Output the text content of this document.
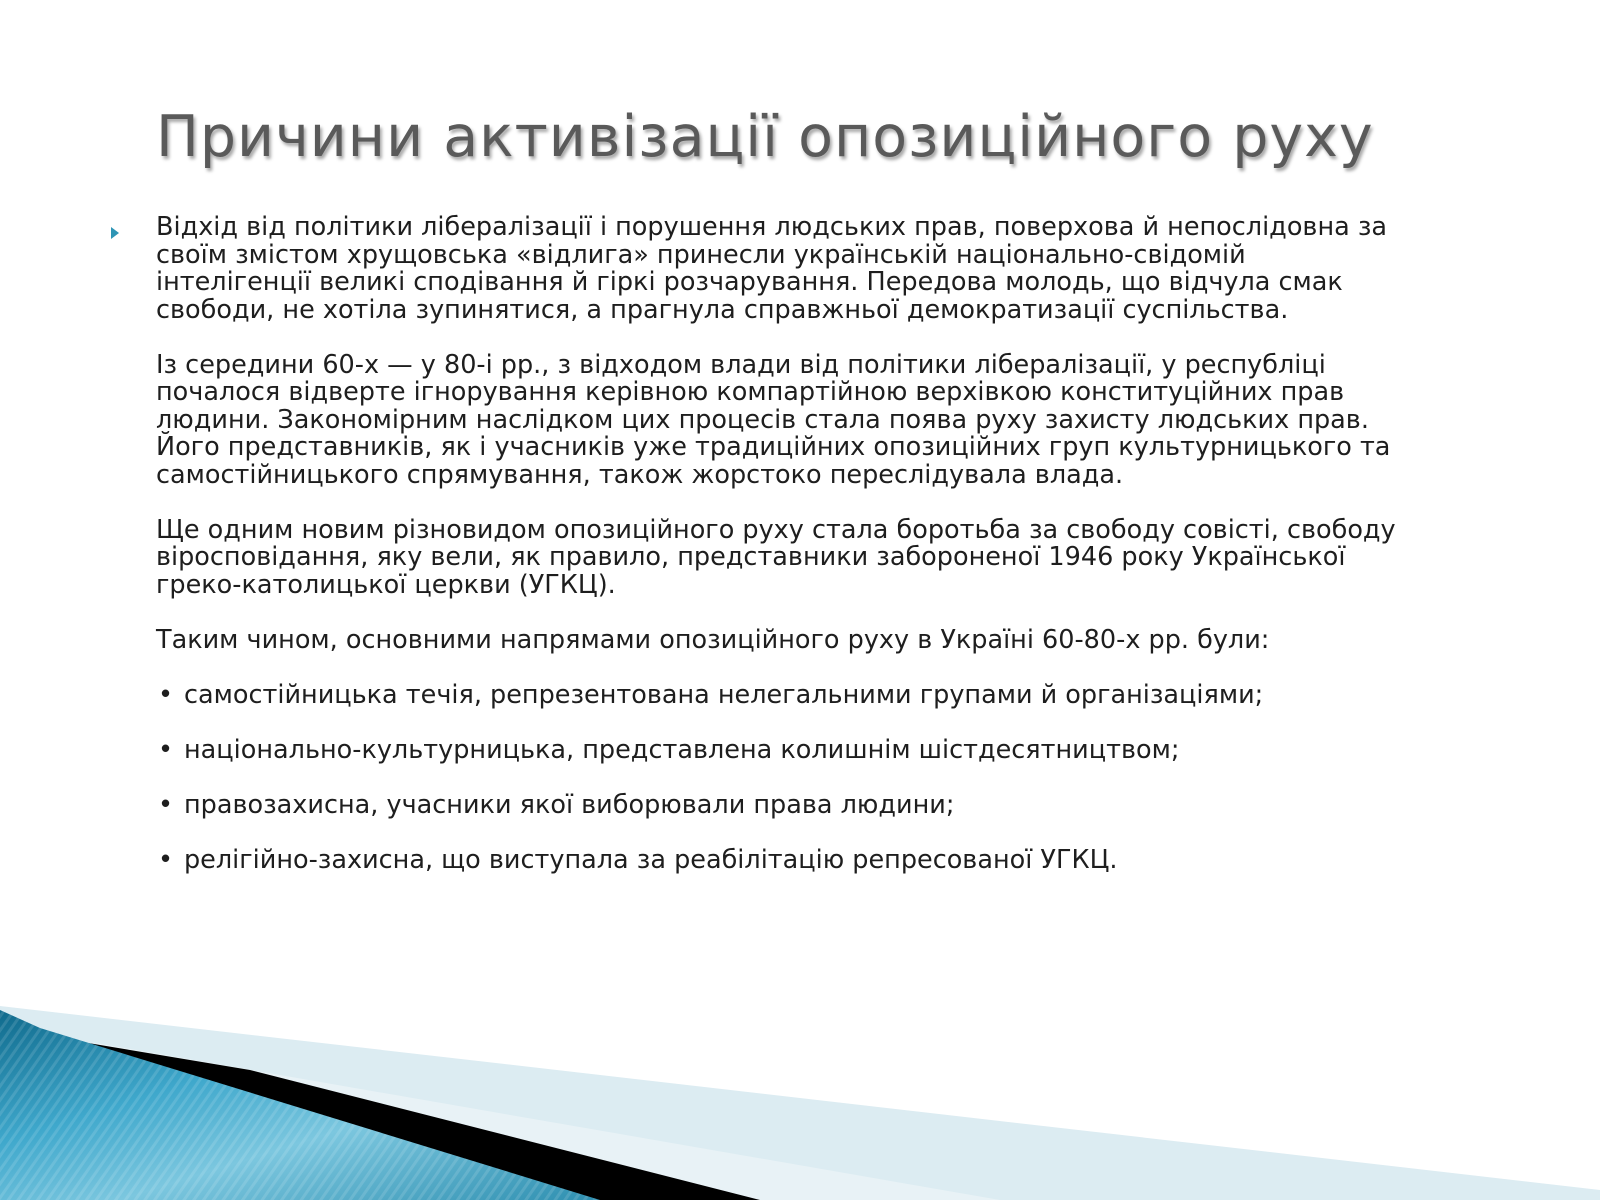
Причини активізації опозиційного руху

Відхід від політики лібералізації і порушення людських прав, поверхова й непослідовна за
своїм змістом хрущовська «відлига» принесли українській національно-свідомій
інтелігенції великі сподівання й гіркі розчарування. Передова молодь, що відчула смак
свободи, не хотіла зупинятися, а прагнула справжньої демократизації суспільства.

Із середини 60-х — у 80-і рр., з відходом влади від політики лібералізації, у республіці
почалося відверте ігнорування керівною компартійною верхівкою конституційних прав
людини. Закономірним наслідком цих процесів стала поява руху захисту людських прав.
Його представників, як і учасників уже традиційних опозиційних груп культурницького та
самостійницького спрямування, також жорстоко переслідувала влада.

Ще одним новим різновидом опозиційного руху стала боротьба за свободу совісті, свободу
віросповідання, яку вели, як правило, представники забороненої 1946 року Української
греко-католицької церкви (УГКЦ).

Таким чином, основними напрямами опозиційного руху в Україні 60-80-х рр. були:

• самостійницька течія, репрезентована нелегальними групами й організаціями;
• національно-культурницька, представлена колишнім шістдесятництвом;
• правозахисна, учасники якої виборювали права людини;
• релігійно-захисна, що виступала за реабілітацію репресованої УГКЦ.
